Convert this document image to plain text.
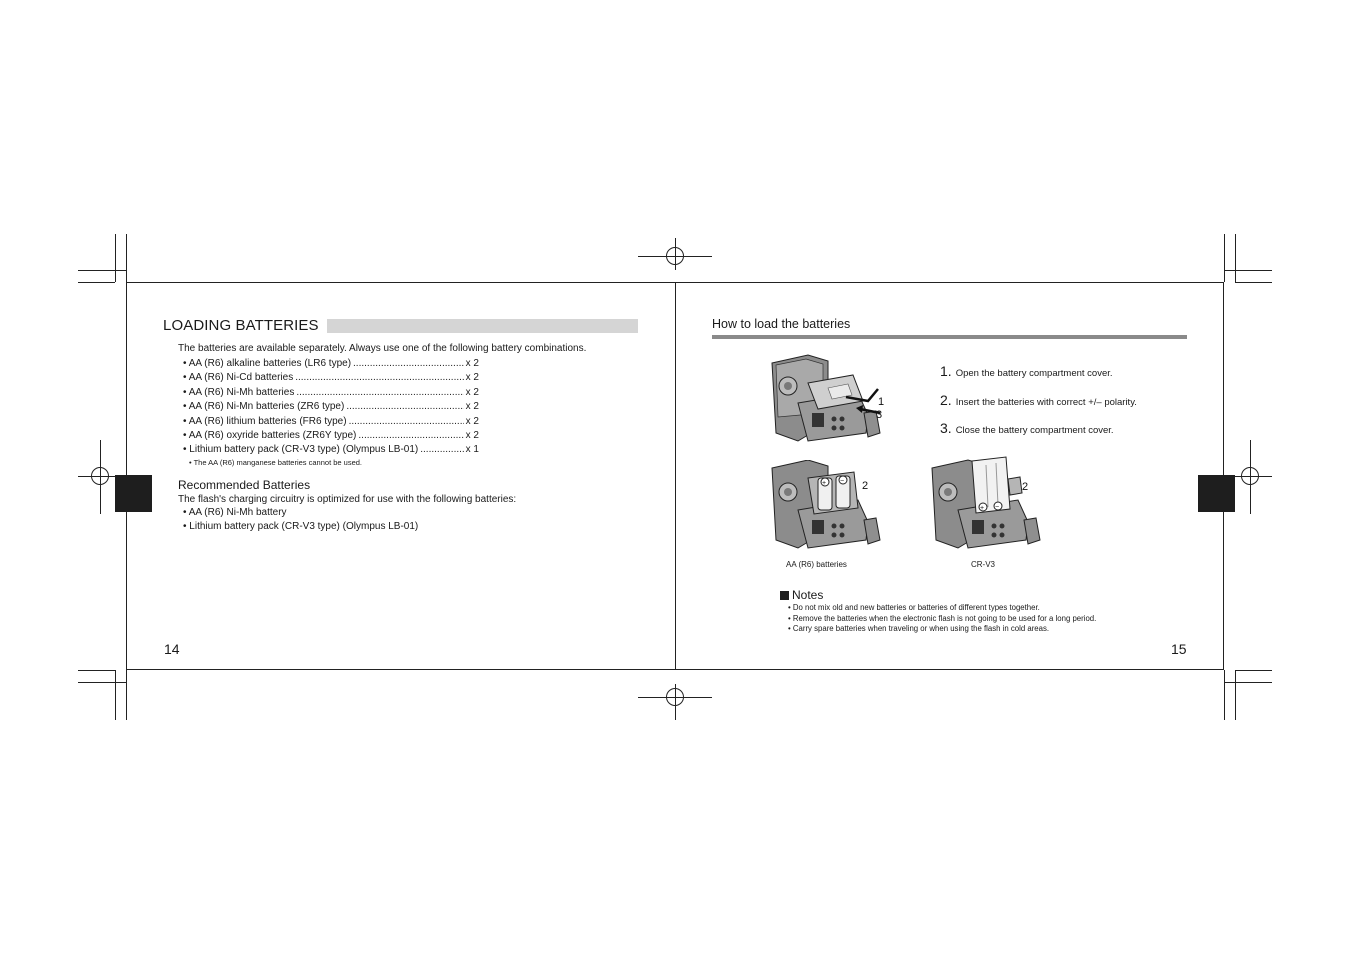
LOADING BATTERIES
The batteries are available separately. Always use one of the following battery combinations.
• AA (R6) alkaline batteries (LR6 type) .....	x 2
• AA (R6) Ni-Cd batteries .....	x 2
• AA (R6) Ni-Mh batteries .....	x 2
• AA (R6) Ni-Mn batteries (ZR6 type) .....	x 2
• AA (R6) lithium batteries (FR6 type) .....	x 2
• AA (R6) oxyride batteries (ZR6Y type) .....	x 2
• Lithium battery pack (CR-V3 type) (Olympus LB-01) .....	x 1
• The AA (R6) manganese batteries cannot be used.
Recommended Batteries
The flash's charging circuitry is optimized for use with the following batteries:
• AA (R6) Ni-Mh battery
• Lithium battery pack (CR-V3 type) (Olympus LB-01)
14
How to load the batteries
1. Open the battery compartment cover.
2. Insert the batteries with correct +/– polarity.
3. Close the battery compartment cover.
1
3
+ − 2
+ −
2
AA (R6) batteries	CR-V3
Notes
• Do not mix old and new batteries or batteries of different types together.
• Remove the batteries when the electronic flash is not going to be used for a long period.
• Carry spare batteries when traveling or when using the flash in cold areas.
15
